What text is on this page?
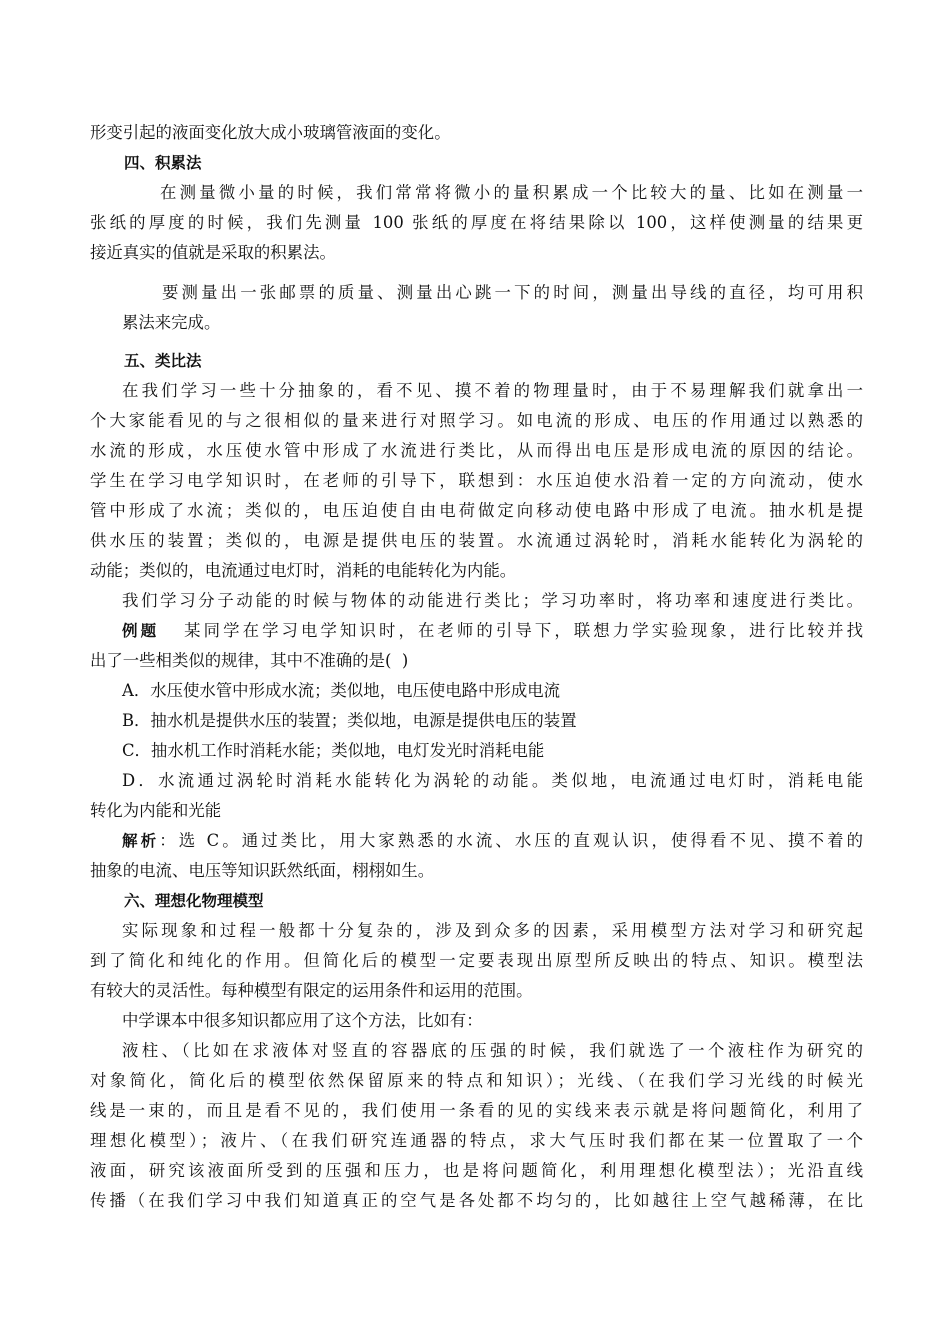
形变引起的液面变化放大成小玻璃管液面的变化。
四、积累法
在测量微小量的时候，我们常常将微小的量积累成一个比较大的量、比如在测量一
张纸的厚度的时候，我们先测量 100 张纸的厚度在将结果除以 100，这样使测量的结果更
接近真实的值就是采取的积累法。
要测量出一张邮票的质量、测量出心跳一下的时间，测量出导线的直径，均可用积
累法来完成。
五、类比法
在我们学习一些十分抽象的，看不见、摸不着的物理量时，由于不易理解我们就拿出一
个大家能看见的与之很相似的量来进行对照学习。如电流的形成、电压的作用通过以熟悉的
水流的形成，水压使水管中形成了水流进行类比，从而得出电压是形成电流的原因的结论。
学生在学习电学知识时，在老师的引导下，联想到：水压迫使水沿着一定的方向流动，使水
管中形成了水流；类似的，电压迫使自由电荷做定向移动使电路中形成了电流。抽水机是提
供水压的装置；类似的，电源是提供电压的装置。水流通过涡轮时，消耗水能转化为涡轮的
动能；类似的，电流通过电灯时，消耗的电能转化为内能。
我们学习分子动能的时候与物体的动能进行类比；学习功率时，将功率和速度进行类比。
例题 某同学在学习电学知识时，在老师的引导下，联想力学实验现象，进行比较并找
出了一些相类似的规律，其中不准确的是(  )
A．水压使水管中形成水流；类似地，电压使电路中形成电流
B．抽水机是提供水压的装置；类似地，电源是提供电压的装置
C．抽水机工作时消耗水能；类似地，电灯发光时消耗电能
D．水流通过涡轮时消耗水能转化为涡轮的动能。类似地，电流通过电灯时，消耗电能
转化为内能和光能
解析：选 C。通过类比，用大家熟悉的水流、水压的直观认识，使得看不见、摸不着的
抽象的电流、电压等知识跃然纸面，栩栩如生。
六、理想化物理模型
实际现象和过程一般都十分复杂的，涉及到众多的因素，采用模型方法对学习和研究起
到了简化和纯化的作用。但简化后的模型一定要表现出原型所反映出的特点、知识。模型法
有较大的灵活性。每种模型有限定的运用条件和运用的范围。
中学课本中很多知识都应用了这个方法，比如有：
液柱、（比如在求液体对竖直的容器底的压强的时候，我们就选了一个液柱作为研究的
对象简化，简化后的模型依然保留原来的特点和知识）；光线、（在我们学习光线的时候光
线是一束的，而且是看不见的，我们使用一条看的见的实线来表示就是将问题简化，利用了
理想化模型）；液片、（在我们研究连通器的特点，求大气压时我们都在某一位置取了一个
液面，研究该液面所受到的压强和压力，也是将问题简化，利用理想化模型法）；光沿直线
传播（在我们学习中我们知道真正的空气是各处都不均匀的，比如越往上空气越稀薄，在比
